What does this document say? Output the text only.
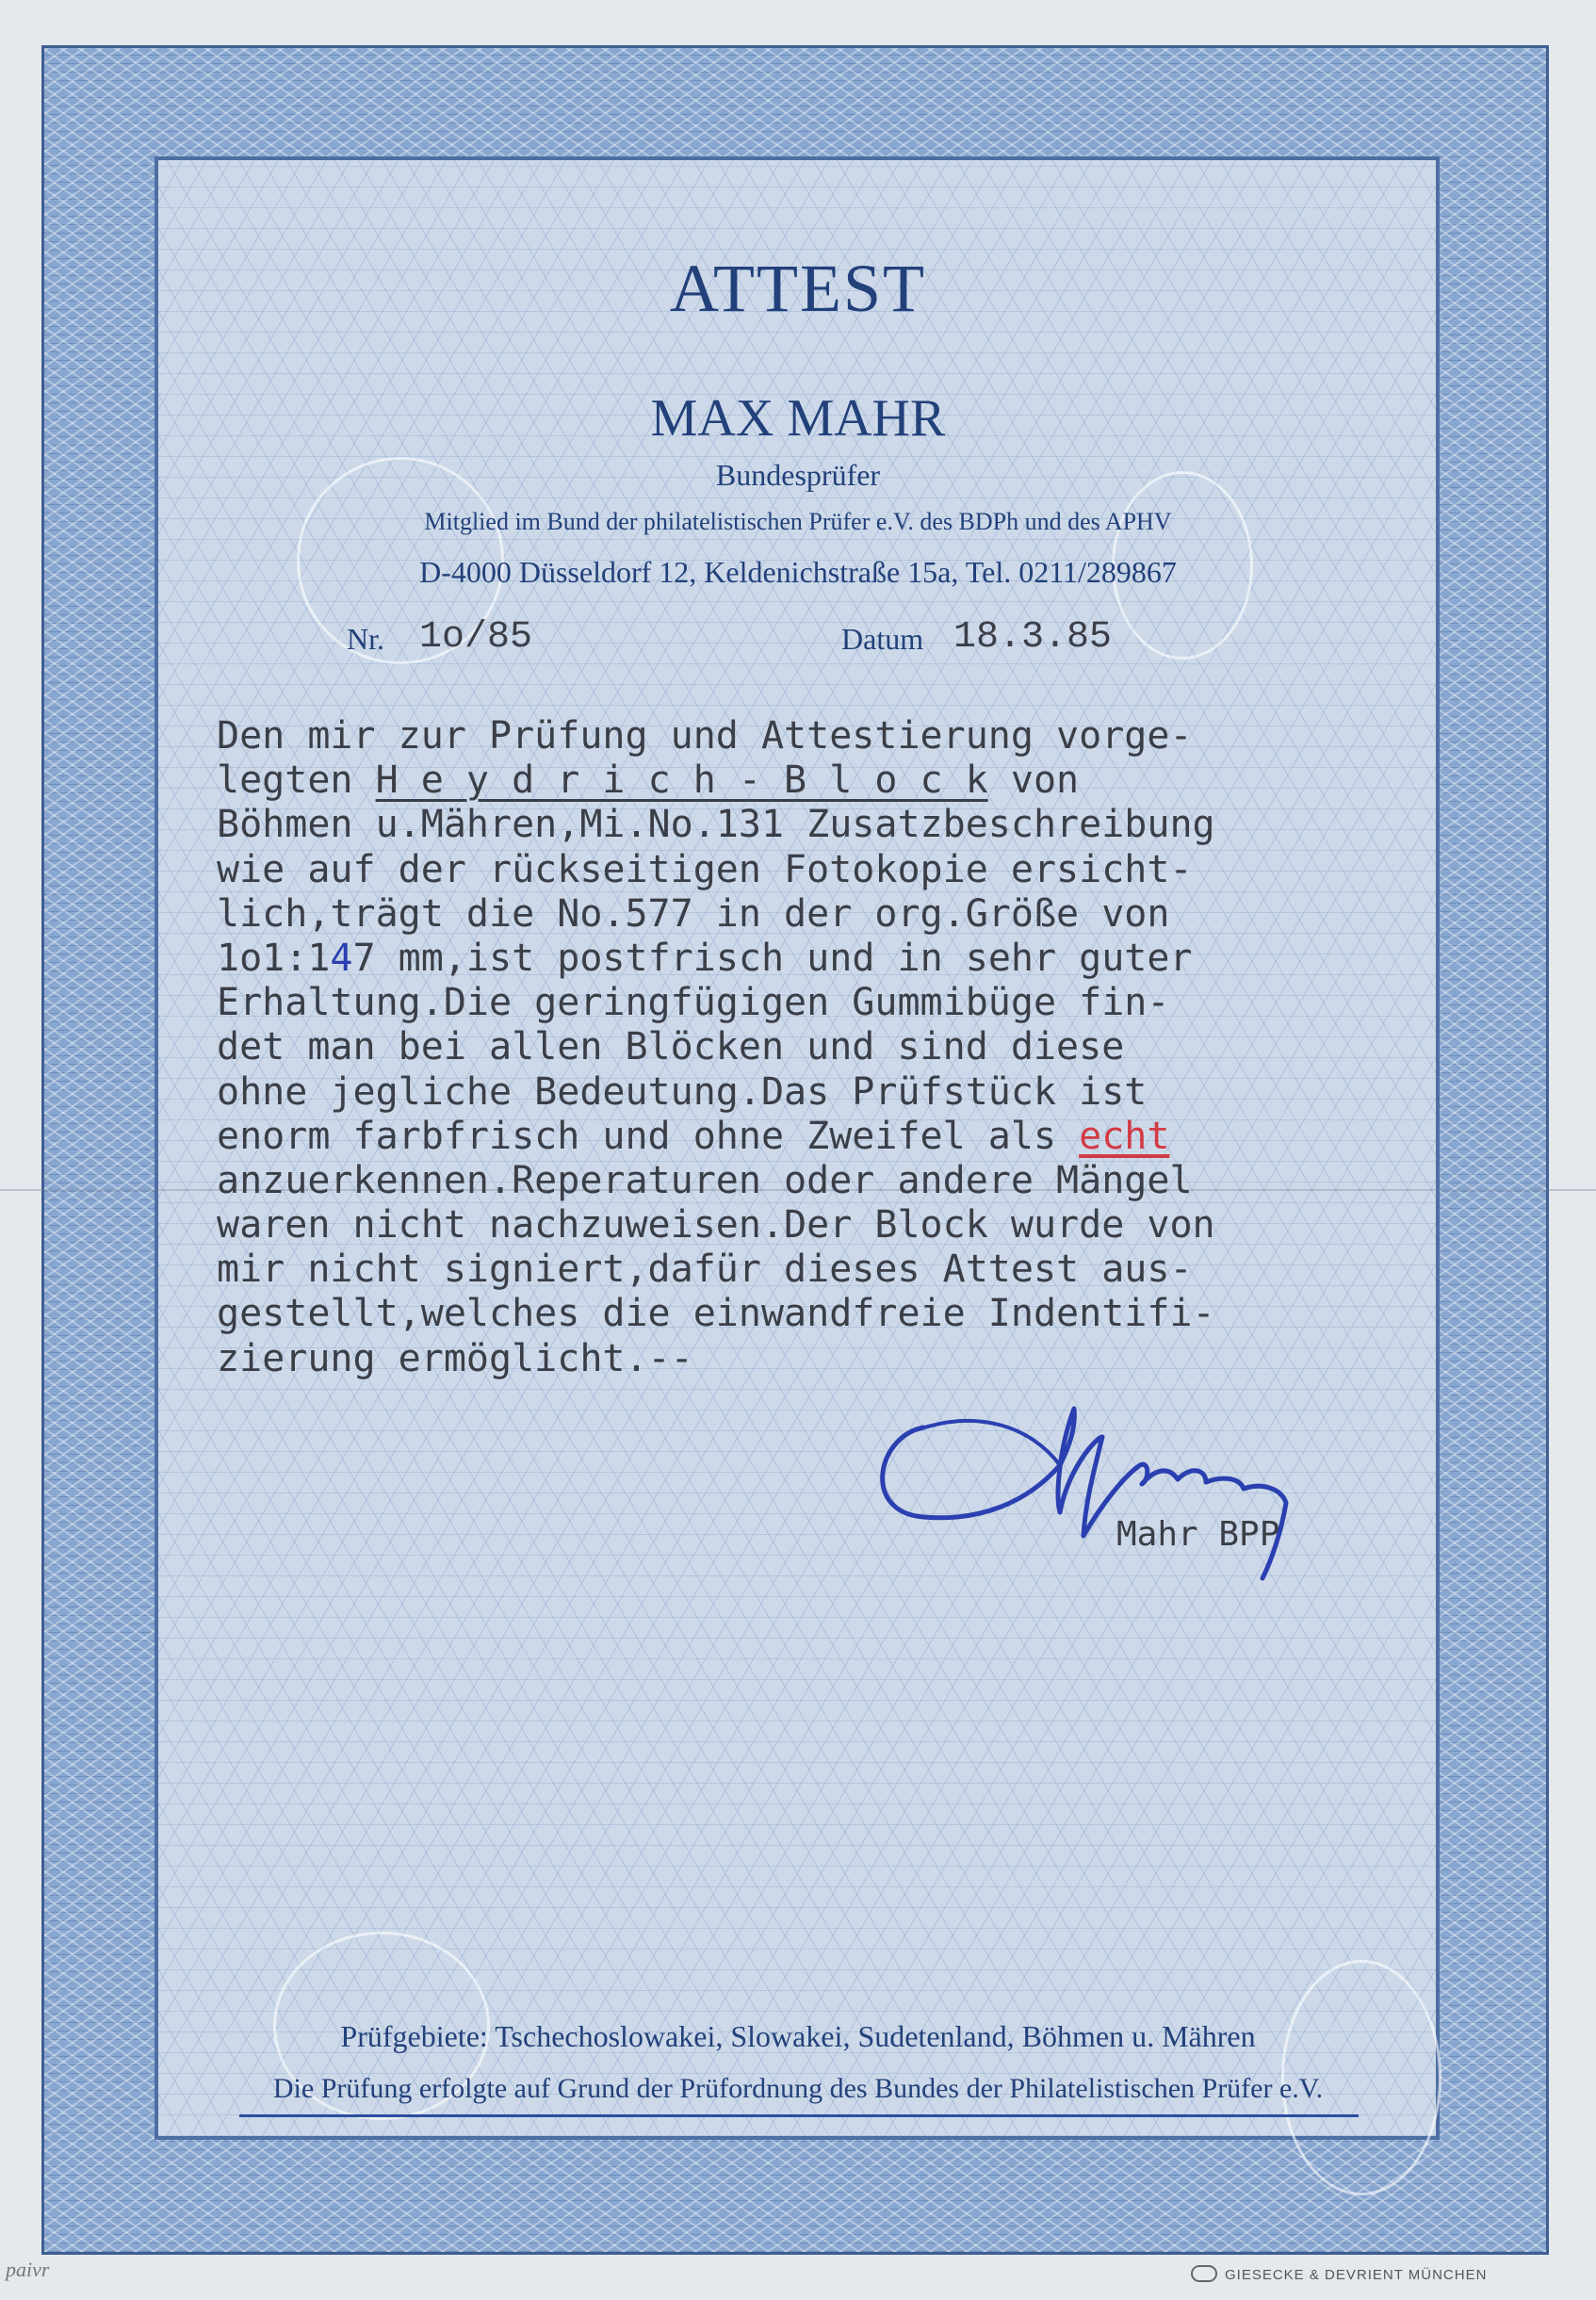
ATTEST
MAX MAHR
Bundesprüfer
Mitglied im Bund der philatelistischen Prüfer e.V. des BDPh und des APHV
D-4000 Düsseldorf 12, Keldenichstraße 15a, Tel. 0211/289867
Nr. 1o/85	Datum 18.3.85
Den mir zur Prüfung und Attestierung vorge-
legten H e y d r i c h - B l o c k von
Böhmen u.Mähren,Mi.No.131 Zusatzbeschreibung
wie auf der rückseitigen Fotokopie ersicht-
lich,trägt die No.577 in der org.Größe von
1o1:147 mm,ist postfrisch und in sehr guter
Erhaltung.Die geringfügigen Gummibüge fin-
det man bei allen Blöcken und sind diese
ohne jegliche Bedeutung.Das Prüfstück ist
enorm farbfrisch und ohne Zweifel als echt
anzuerkennen.Reperaturen oder andere Mängel
waren nicht nachzuweisen.Der Block wurde von
mir nicht signiert,dafür dieses Attest aus-
gestellt,welches die einwandfreie Indentifi-
zierung ermöglicht.--
Mahr BPP
Prüfgebiete: Tschechoslowakei, Slowakei, Sudetenland, Böhmen u. Mähren
Die Prüfung erfolgte auf Grund der Prüfordnung des Bundes der Philatelistischen Prüfer e.V.
GIESECKE & DEVRIENT MÜNCHEN
paivr
